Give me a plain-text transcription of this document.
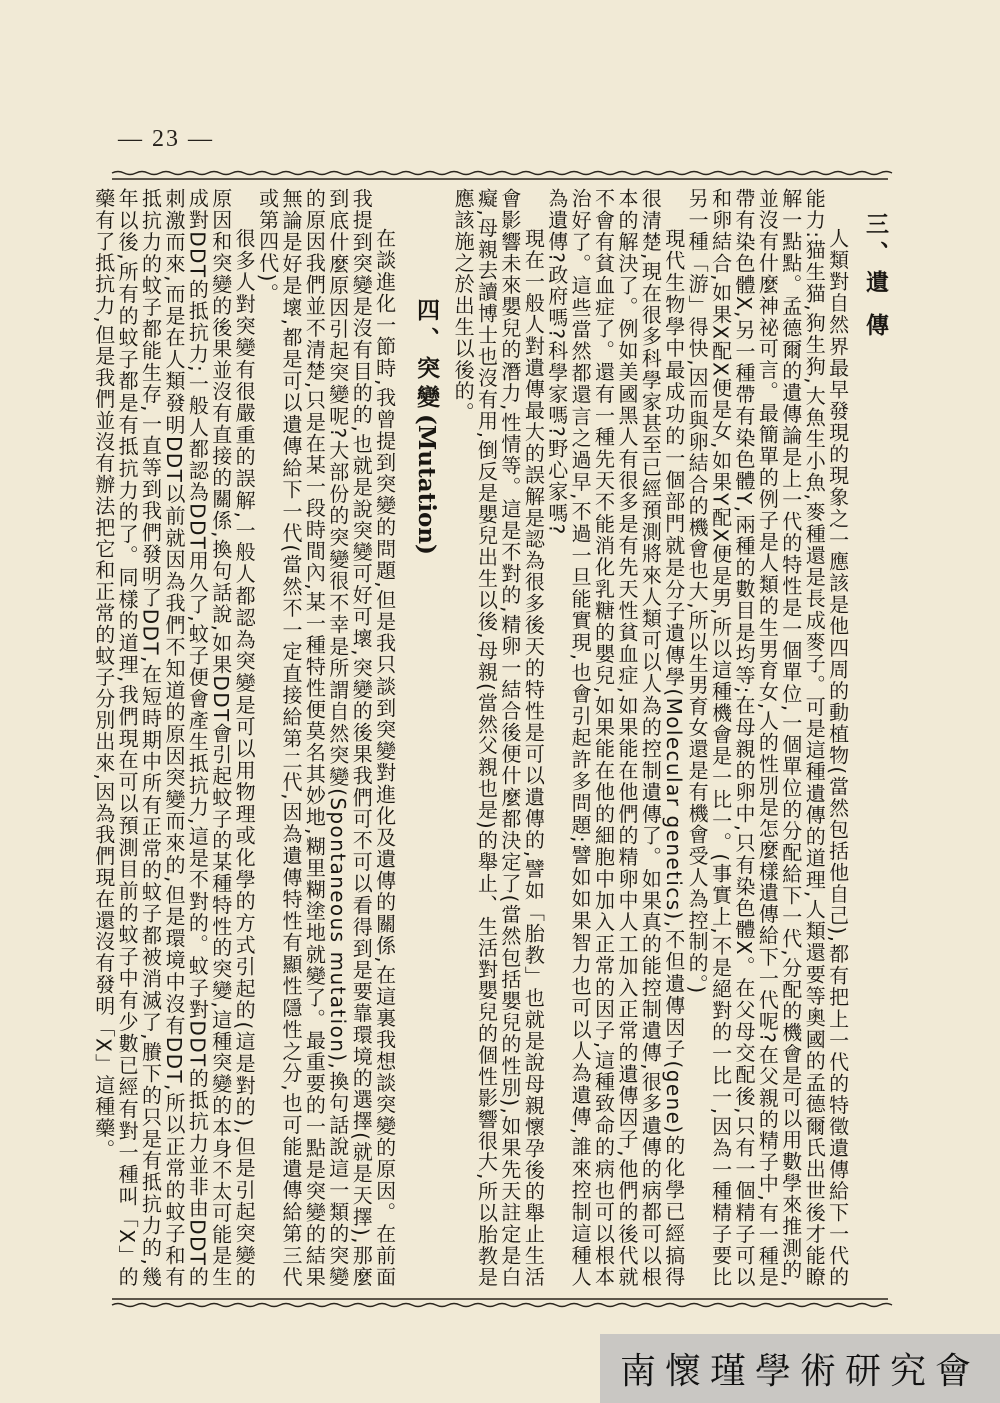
— 23 —
三、遺 傳

人類對自然界最早發現的現象之一應該是他四周的動植物(當然包括他自己),都有把上一代的特徵遺傳給下一代的能力:猫生猫,狗生狗,大魚生小魚,麥種還是長成麥子。可是這種遺傳的道理,人類還要等奧國的孟德爾氏出世後才能瞭解一點點。孟德爾的遺傳論是上一代的特性是一個單位,一個單位的分配給下一代,分配的機會是可以用數學來推測的,並沒有什麼神祕可言。最簡單的例子是人類的生男育女,人的性別是怎麼樣遺傳給下一代呢?在父親的精子中,有一種是帶有染色體X,另一種帶有染色體Y,兩種的數目是均等;在母親的卵中,只有染色體X。在父母交配後,只有一個精子可以和卵結合,如果X配X便是女,如果Y配X便是男,所以這種機會是一比一。(事實上,不是絕對的一比一,因為一種精子要比另一種「游」得快,因而與卵結合的機會也大,所以生男育女還是有機會受人為控制的。)

現代生物學中最成功的一個部門就是分子遺傳學(Molecular genetics),不但遺傳因子(gene)的化學已經搞得很清楚,現在很多科學家甚至已經預測將來人類可以人為的控制遺傳了。如果真的能控制遺傳,很多遺傳的病都可以根本的解決了。例如美國黑人有很多是有先天性貧血症,如果能在他們的精卵中人工加入正常的遺傳因子,他們的後代就不會有貧血症了。還有一種先天不能消化乳糖的嬰兒,如果能在他的細胞中加入正常的因子,這種致命的病也可以根本治好了。這些當然都還言之過早,不過一旦能實現,也會引起許多問題;譬如如果智力也可以人為遺傳,誰來控制這種人為遺傳?政府嗎?科學家嗎?野心家嗎?

現在一般人對遺傳最大的誤解是認為很多後天的特性是可以遺傳的,譬如「胎教」也就是說母親懷孕後的舉止生活會影響未來嬰兒的潛力,性情等。這是不對的,精卵一結合後便什麼都決定了(當然包括嬰兒的性別),如果先天註定是白癡,母親去讀博士也沒有用,倒反是嬰兒出生以後,母親(當然父親也是)的舉止、生活對嬰兒的個性影響很大,所以胎教是應該施之於出生以後的。

四、突變(Mutation)

在談進化一節時,我曾提到突變的問題,但是我只談到突變對進化及遺傳的關係,在這裏我想談突變的原因。在前面我提到突變是沒有目的的,也就是說突變可好可壞,突變的後果我們可不可以看得到是要靠環境的選擇(就是天擇),那麼到底什麼原因引起突變呢?大部份的突變很不幸是所謂自然突變(Spontaneous mutation),換句話說這一類的突變的原因我們並不清楚,只是在某一段時間內,某一種特性便莫名其妙地,糊里糊塗地就變了。最重要的一點是突變的結果無論是好是壞,都是可以遺傳給下一代(當然不一定直接給第二代,因為遺傳特性有顯性隱性之分,也可能遺傳給第三代或第四代)。

很多人對突變有很嚴重的誤解,一般人都認為突變是可以用物理或化學的方式引起的(這是對的),但是引起突變的原因和突變的後果並沒有直接的關係,換句話說,如果DDT會引起蚊子的某種特性的突變,這種突變的本身不太可能是生成對DDT的抵抗力;一般人都認為DDT用久了,蚊子便會產生抵抗力,這是不對的。蚊子對DDT的抵抗力並非由DDT的刺激而來,而是在人類發明DDT以前就因為我們不知道的原因突變而來的,但是環境中沒有DDT,所以正常的蚊子和有抵抗力的蚊子都能生存,一直等到我們發明了DDT,在短時期中所有正常的蚊子都被消滅了,賸下的只是有抵抗力的,幾年以後,所有的蚊子都是有抵抗力的了。同樣的道理,我們現在可以預測目前的蚊子中有少數已經有對一種叫「X」的藥有了抵抗力,但是我們並沒有辦法把它和正常的蚊子分別出來,因為我們現在還沒有發明「X」這種藥。

南懷瑾學術研究會
